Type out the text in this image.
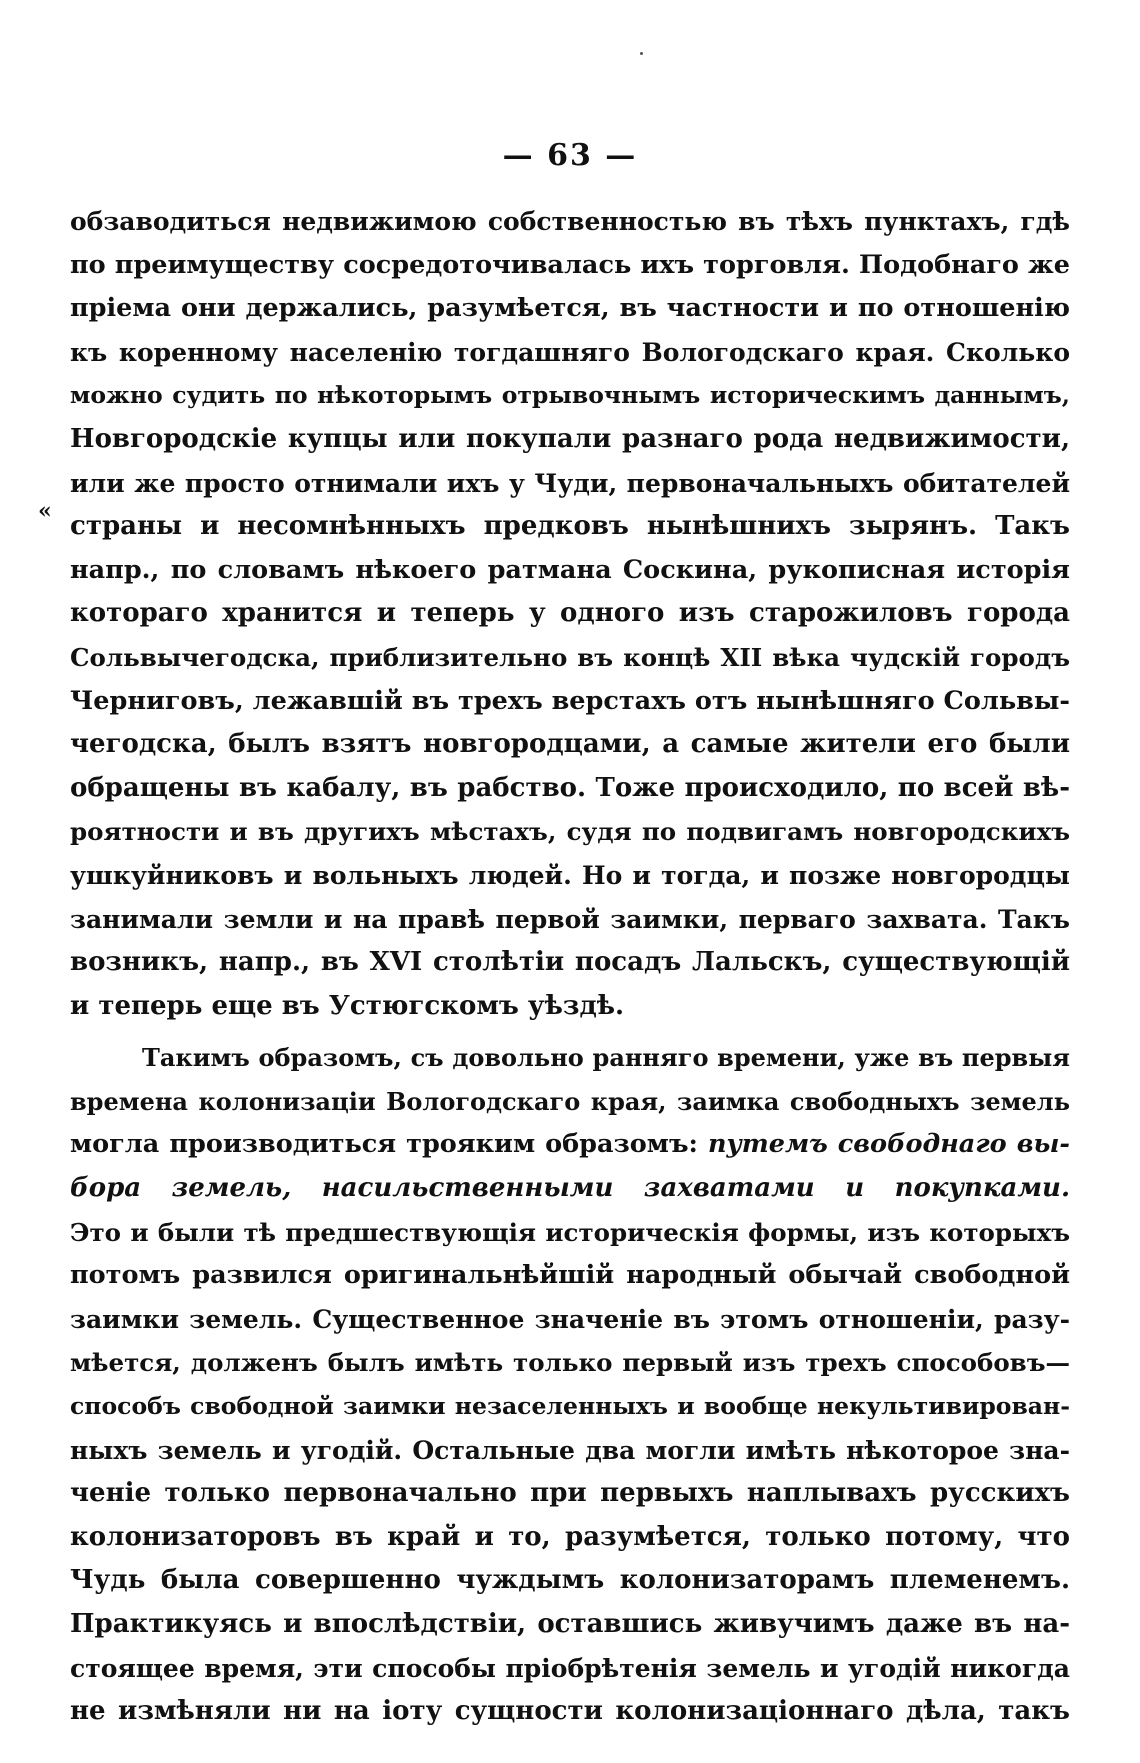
— 63 —
«
обзаводиться недвижимою собственностью въ тѣхъ пунктахъ, гдѣ
по преимуществу сосредоточивалась ихъ торговля. Подобнаго же
пріема они держались, разумѣется, въ частности и по отношенію
къ коренному населенію тогдашняго Вологодскаго края. Сколько
можно судить по нѣкоторымъ отрывочнымъ историческимъ даннымъ,
Новгородскіе купцы или покупали разнаго рода недвижимости,
или же просто отнимали ихъ у Чуди, первоначальныхъ обитателей
страны и несомнѣнныхъ предковъ нынѣшнихъ зырянъ. Такъ
напр., по словамъ нѣкоего ратмана Соскина, рукописная исторія
котораго хранится и теперь у одного изъ старожиловъ города
Сольвычегодска, приблизительно въ концѣ XII вѣка чудскій городъ
Черниговъ, лежавшій въ трехъ верстахъ отъ нынѣшняго Сольвы-
чегодска, былъ взятъ новгородцами, а самые жители его были
обращены въ кабалу, въ рабство. Тоже происходило, по всей вѣ-
роятности и въ другихъ мѣстахъ, судя по подвигамъ новгородскихъ
ушкуйниковъ и вольныхъ людей. Но и тогда, и позже новгородцы
занимали земли и на правѣ первой заимки, перваго захвата. Такъ
возникъ, напр., въ XVI столѣтіи посадъ Лальскъ, существующій
и теперь еще въ Устюгскомъ уѣздѣ.
Такимъ образомъ, съ довольно ранняго времени, уже въ первыя
времена колонизаціи Вологодскаго края, заимка свободныхъ земель
могла производиться трояким образомъ: путемъ свободнаго вы-
бора земель, насильственными захватами и покупками.
Это и были тѣ предшествующія историческія формы, изъ которыхъ
потомъ развился оригинальнѣйшій народный обычай свободной
заимки земель. Существенное значеніе въ этомъ отношеніи, разу-
мѣется, долженъ былъ имѣть только первый изъ трехъ способовъ—
способъ свободной заимки незаселенныхъ и вообще некультивирован-
ныхъ земель и угодій. Остальные два могли имѣть нѣкоторое зна-
ченіе только первоначально при первыхъ наплывахъ русскихъ
колонизаторовъ въ край и то, разумѣется, только потому, что
Чудь была совершенно чуждымъ колонизаторамъ племенемъ.
Практикуясь и впослѣдствіи, оставшись живучимъ даже въ на-
стоящее время, эти способы пріобрѣтенія земель и угодій никогда
не измѣняли ни на іоту сущности колонизаціоннаго дѣла, такъ
